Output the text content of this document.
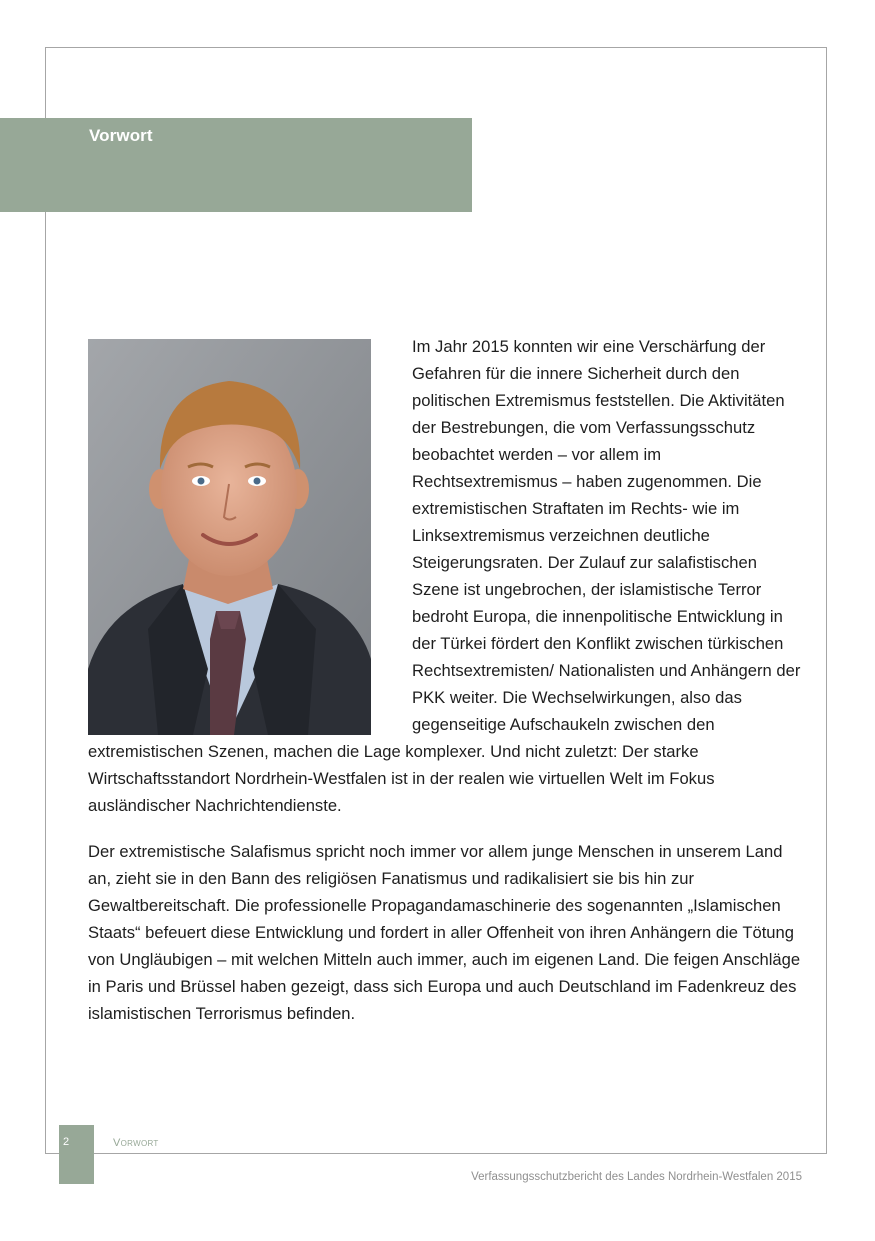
Vorwort

Im Jahr 2015 konnten wir eine Verschärfung der Gefahren für die innere Sicherheit durch den politischen Extremismus feststellen. Die Aktivitäten der Bestrebungen, die vom Verfassungsschutz beobachtet werden – vor allem im Rechtsextremismus – haben zugenommen. Die extremistischen Straftaten im Rechts- wie im Linksextremismus verzeichnen deutliche Steigerungsraten. Der Zulauf zur salafistischen Szene ist ungebrochen, der islamistische Terror bedroht Europa, die innenpolitische Entwicklung in der Türkei fördert den Konflikt zwischen türkischen Rechtsextremisten/ Nationalisten und Anhängern der PKK weiter. Die Wechselwirkungen, also das gegenseitige Aufschaukeln zwischen den extremistischen Szenen, machen die Lage komplexer. Und nicht zuletzt: Der starke Wirtschaftsstandort Nordrhein-Westfalen ist in der realen wie virtuellen Welt im Fokus ausländischer Nachrichtendienste.

Der extremistische Salafismus spricht noch immer vor allem junge Menschen in unserem Land an, zieht sie in den Bann des religiösen Fanatismus und radikalisiert sie bis hin zur Gewaltbereitschaft. Die professionelle Propagandamaschinerie des sogenannten „Islamischen Staats“ befeuert diese Entwicklung und fordert in aller Offenheit von ihren Anhängern die Tötung von Ungläubigen – mit welchen Mitteln auch immer, auch im eigenen Land. Die feigen Anschläge in Paris und Brüssel haben gezeigt, dass sich Europa und auch Deutschland im Fadenkreuz des islamistischen Terrorismus befinden.

2	Vorwort
Verfassungsschutzbericht des Landes Nordrhein-Westfalen 2015
